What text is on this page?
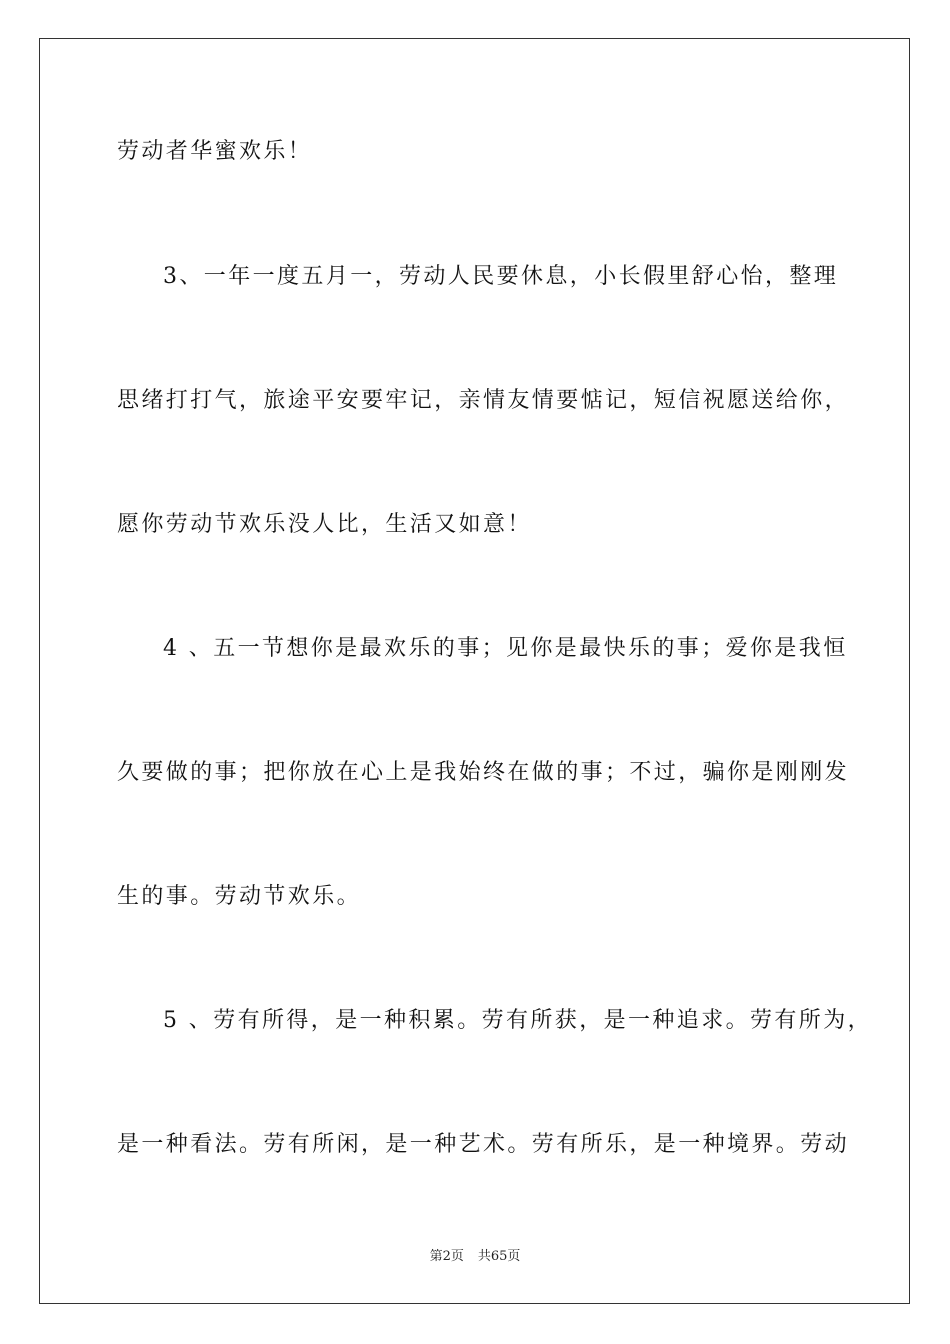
劳动者华蜜欢乐！
3、一年一度五月一，劳动人民要休息，小长假里舒心怡，整理
思绪打打气，旅途平安要牢记，亲情友情要惦记，短信祝愿送给你，
愿你劳动节欢乐没人比，生活又如意！
4 、五一节想你是最欢乐的事；见你是最快乐的事；爱你是我恒
久要做的事；把你放在心上是我始终在做的事；不过，骗你是刚刚发
生的事。劳动节欢乐。
5 、劳有所得，是一种积累。劳有所获，是一种追求。劳有所为，
是一种看法。劳有所闲，是一种艺术。劳有所乐，是一种境界。劳动
第2页 共65页
